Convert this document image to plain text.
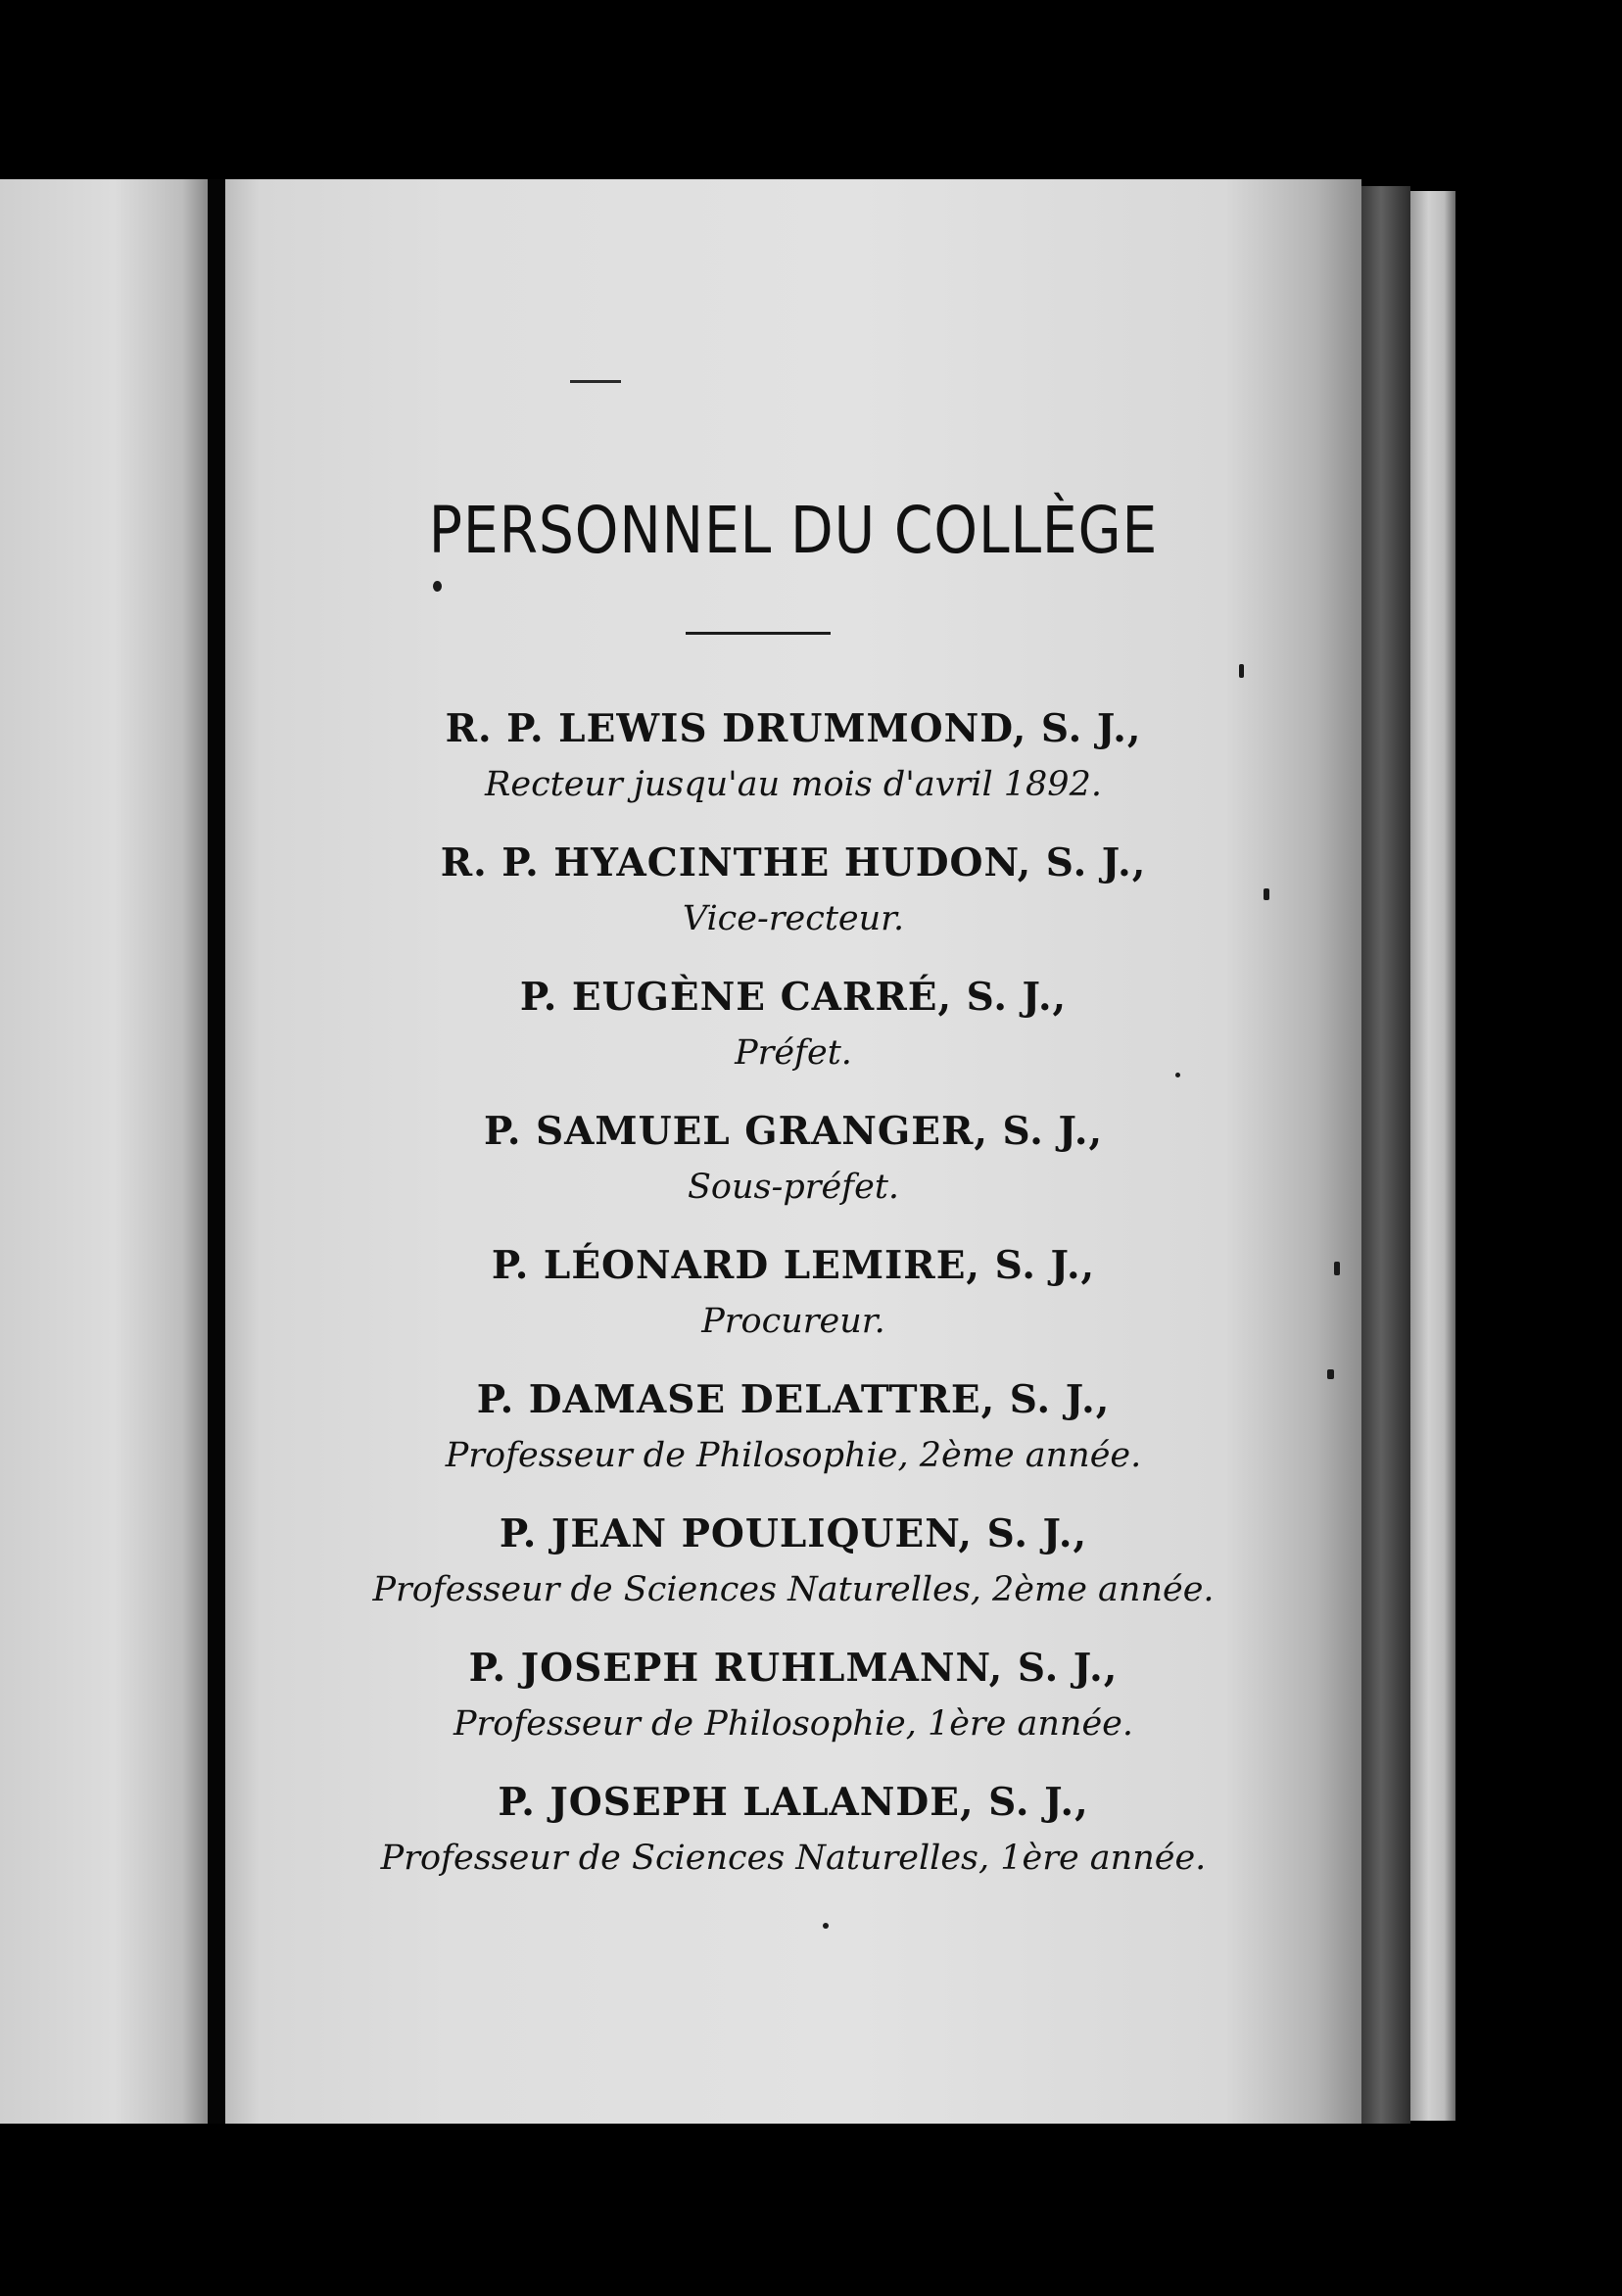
PERSONNEL DU COLLÈGE
R. P. LEWIS DRUMMOND, S. J.,
Recteur jusqu'au mois d'avril 1892.
R. P. HYACINTHE HUDON, S. J.,
Vice-recteur.
P. EUGÈNE CARRÉ, S. J.,
Préfet.
P. SAMUEL GRANGER, S. J.,
Sous-préfet.
P. LÉONARD LEMIRE, S. J.,
Procureur.
P. DAMASE DELATTRE, S. J.,
Professeur de Philosophie, 2ème année.
P. JEAN POULIQUEN, S. J.,
Professeur de Sciences Naturelles, 2ème année.
P. JOSEPH RUHLMANN, S. J.,
Professeur de Philosophie, 1ère année.
P. JOSEPH LALANDE, S. J.,
Professeur de Sciences Naturelles, 1ère année.
